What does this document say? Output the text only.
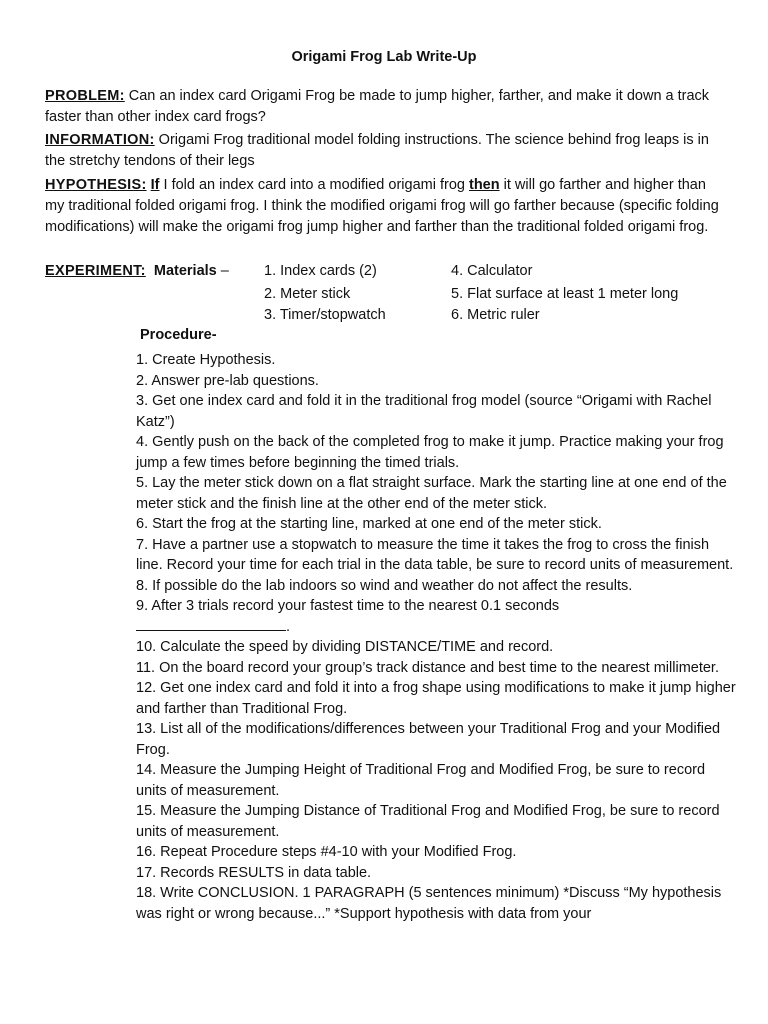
Origami Frog Lab Write-Up
PROBLEM: Can an index card Origami Frog be made to jump higher, farther, and make it down a track faster than other index card frogs?
INFORMATION: Origami Frog traditional model folding instructions. The science behind frog leaps is in the stretchy tendons of their legs
HYPOTHESIS: If I fold an index card into a modified origami frog then it will go farther and higher than my traditional folded origami frog. I think the modified origami frog will go farther because (specific folding modifications) will make the origami frog jump higher and farther than the traditional folded origami frog.
EXPERIMENT: Materials – 1. Index cards (2)
2. Meter stick
3. Timer/stopwatch
4. Calculator
5. Flat surface at least 1 meter long
6. Metric ruler
Procedure-

1. Create Hypothesis.

2. Answer pre-lab questions.

3. Get one index card and fold it in the traditional frog model (source “Origami with Rachel Katz”)

4. Gently push on the back of the completed frog to make it jump. Practice making your frog jump a few times before beginning the timed trials.

5. Lay the meter stick down on a flat straight surface. Mark the starting line at one end of the meter stick and the finish line at the other end of the meter stick.

6. Start the frog at the starting line, marked at one end of the meter stick.

7. Have a partner use a stopwatch to measure the time it takes the frog to cross the finish line. Record your time for each trial in the data table, be sure to record units of measurement.

8. If possible do the lab indoors so wind and weather do not affect the results.

9. After 3 trials record your fastest time to the nearest 0.1 seconds

.

10. Calculate the speed by dividing DISTANCE/TIME and record.

11. On the board record your group’s track distance and best time to the nearest millimeter.

12. Get one index card and fold it into a frog shape using modifications to make it jump higher and farther than Traditional Frog.

13. List all of the modifications/differences between your Traditional Frog and your Modified Frog.

14. Measure the Jumping Height of Traditional Frog and Modified Frog, be sure to record units of measurement.

15. Measure the Jumping Distance of Traditional Frog and Modified Frog, be sure to record units of measurement.

16. Repeat Procedure steps #4-10 with your Modified Frog.

17. Records RESULTS in data table.

18. Write CONCLUSION. 1 PARAGRAPH (5 sentences minimum) *Discuss “My hypothesis was right or wrong because...” *Support hypothesis with data from your
